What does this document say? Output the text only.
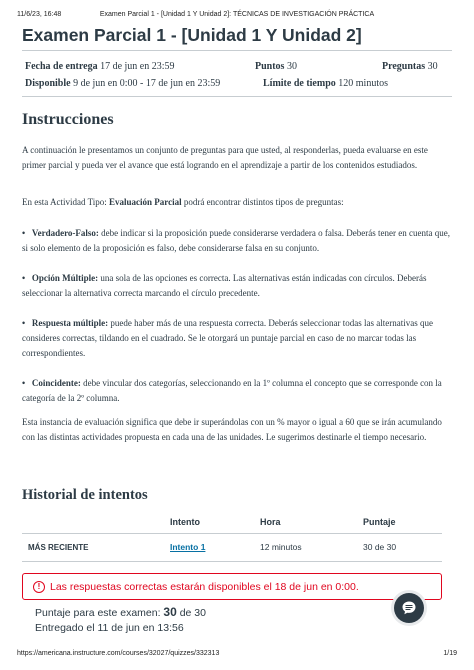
11/6/23, 16:48	Examen Parcial 1 - [Unidad 1 Y Unidad 2]: TÉCNICAS DE INVESTIGACIÓN PRÁCTICA
Examen Parcial 1 - [Unidad 1 Y Unidad 2]
Fecha de entrega 17 de jun en 23:59	Puntos 30	Preguntas 30
Disponible 9 de jun en 0:00 - 17 de jun en 23:59	Límite de tiempo 120 minutos
Instrucciones

A continuación le presentamos un conjunto de preguntas para que usted, al responderlas, pueda evaluarse en este primer parcial y pueda ver el avance que está logrando en el aprendizaje a partir de los contenidos estudiados.

En esta Actividad Tipo: Evaluación Parcial podrá encontrar distintos tipos de preguntas:

• Verdadero-Falso: debe indicar si la proposición puede considerarse verdadera o falsa. Deberás tener en cuenta que, si solo elemento de la proposición es falso, debe considerarse falsa en su conjunto.

• Opción Múltiple: una sola de las opciones es correcta. Las alternativas están indicadas con círculos. Deberás seleccionar la alternativa correcta marcando el círculo precedente.

• Respuesta múltiple: puede haber más de una respuesta correcta. Deberás seleccionar todas las alternativas que consideres correctas, tildando en el cuadrado. Se le otorgará un puntaje parcial en caso de no marcar todas las correspondientes.

• Coincidente: debe vincular dos categorías, seleccionando en la 1º columna el concepto que se corresponde con la categoría de la 2º columna.

Esta instancia de evaluación significa que debe ir superándolas con un % mayor o igual a 60 que se irán acumulando con las distintas actividades propuesta en cada una de las unidades. Le sugerimos destinarle el tiempo necesario.

Historial de intentos
	Intento	Hora	Puntaje
MÁS RECIENTE	Intento 1	12 minutos	30 de 30
! Las respuestas correctas estarán disponibles el 18 de jun en 0:00.
Puntaje para este examen: 30 de 30
Entregado el 11 de jun en 13:56
https://americana.instructure.com/courses/32027/quizzes/332313	1/19
